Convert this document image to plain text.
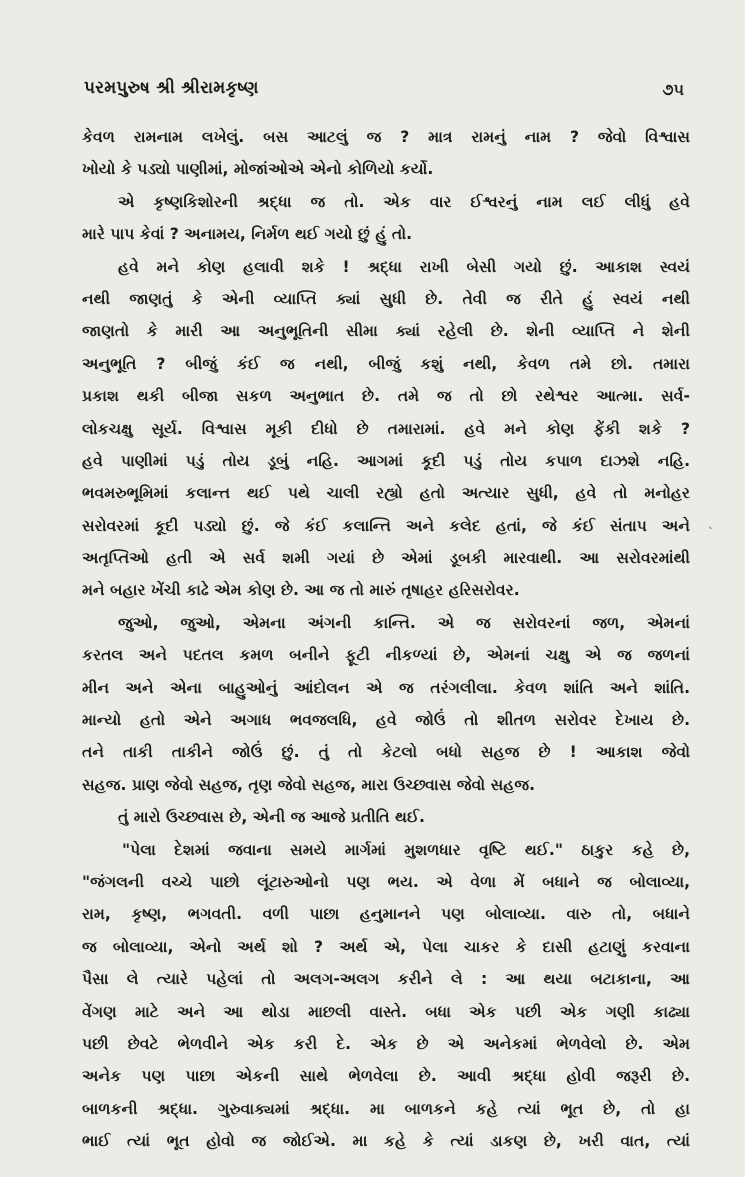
પરમપુરુષ શ્રી શ્રીરામકૃષ્ણ	૭૫
ˎ
કેવળ રામનામ લખેલું. બસ આટલું જ ? માત્ર રામનું નામ ? જેવો વિશ્વાસ
ખોયો કે પડ્યો પાણીમાં, મોજાંઓએ એનો કોળિયો કર્યો.
એ કૃષ્ણકિશોરની શ્રદ્ધા જ તો. એક વાર ઈશ્વરનું નામ લઈ લીધું હવે
મારે પાપ કેવાં ? અનામય, નિર્મળ થઈ ગયો છું હું તો.
હવે મને કોણ હલાવી શકે ! શ્રદ્ધા રાખી બેસી ગયો છું. આકાશ સ્વયં
નથી જાણતું કે એની વ્યાપ્તિ ક્યાં સુધી છે. તેવી જ રીતે હું સ્વયં નથી
જાણતો કે મારી આ અનુભૂતિની સીમા ક્યાં રહેલી છે. શેની વ્યાપ્તિ ને શેની
અનુભૂતિ ? બીજું કંઈ જ નથી, બીજું કશું નથી, કેવળ તમે છો. તમારા
પ્રકાશ થકી બીજા સકળ અનુભાત છે. તમે જ તો છો રથેશ્વર આત્મા. સર્વ-
લોકચક્ષુ સૂર્ય. વિશ્વાસ મૂકી દીધો છે તમારામાં. હવે મને કોણ ફેંકી શકે ?
હવે પાણીમાં પડું તોય ડૂબું નહિ. આગમાં કૂદી પડું તોય કપાળ દાઝશે નહિ.
ભવમરુભૂમિમાં કલાન્ત થઈ પથે ચાલી રહ્યો હતો અત્યાર સુધી, હવે તો મનોહર
સરોવરમાં કૂદી પડ્યો છું. જે કંઈ કલાન્તિ અને કલેદ હતાં, જે કંઈ સંતાપ અને
અતૃપ્તિઓ હતી એ સર્વ શમી ગયાં છે એમાં ડૂબકી મારવાથી. આ સરોવરમાંથી
મને બહાર ખેંચી કાઢે એમ કોણ છે. આ જ તો મારું તૃષાહર હરિસરોવર.
જુઓ, જુઓ, એમના અંગની કાન્તિ. એ જ સરોવરનાં જળ, એમનાં
કરતલ અને પદતલ કમળ બનીને ફૂટી નીકળ્યાં છે, એમનાં ચક્ષુ એ જ જળનાં
મીન અને એના બાહુઓનું આંદોલન એ જ તરંગલીલા. કેવળ શાંતિ અને શાંતિ.
માન્યો હતો એને અગાધ ભવજલધિ, હવે જોઉં તો શીતળ સરોવર દેખાય છે.
તને તાકી તાકીને જોઉં છું. તું તો કેટલો બધો સહજ છે ! આકાશ જેવો
સહજ. પ્રાણ જેવો સહજ, તૃણ જેવો સહજ, મારા ઉચ્છ્વાસ જેવો સહજ.
તું મારો ઉચ્છ્વાસ છે, એની જ આજે પ્રતીતિ થઈ.
"પેલા દેશમાં જવાના સમયે માર્ગમાં મુશળધાર વૃષ્ટિ થઈ." ઠાકુર કહે છે,
"જંગલની વચ્ચે પાછો લૂંટારુઓનો પણ ભય. એ વેળા મેં બધાને જ બોલાવ્યા,
રામ, કૃષ્ણ, ભગવતી. વળી પાછા હનુમાનને પણ બોલાવ્યા. વારુ તો, બધાને
જ બોલાવ્યા, એનો અર્થ શો ? અર્થ એ, પેલા ચાકર કે દાસી હટાણું કરવાના
પૈસા લે ત્યારે પહેલાં તો અલગ-અલગ કરીને લે : આ થયા બટાકાના, આ
વેંગણ માટે અને આ થોડા માછલી વાસ્તે. બધા એક પછી એક ગણી કાઢ્યા
પછી છેવટે ભેળવીને એક કરી દે. એક છે એ અનેકમાં ભેળવેલો છે. એમ
અનેક પણ પાછા એકની સાથે ભેળવેલા છે. આવી શ્રદ્ધા હોવી જરૂરી છે.
બાળકની શ્રદ્ધા. ગુરુવાક્યમાં શ્રદ્ધા. મા બાળકને કહે ત્યાં ભૂત છે, તો હા
ભાઈ ત્યાં ભૂત હોવો જ જોઈએ. મા કહે કે ત્યાં ડાકણ છે, ખરી વાત, ત્યાં
